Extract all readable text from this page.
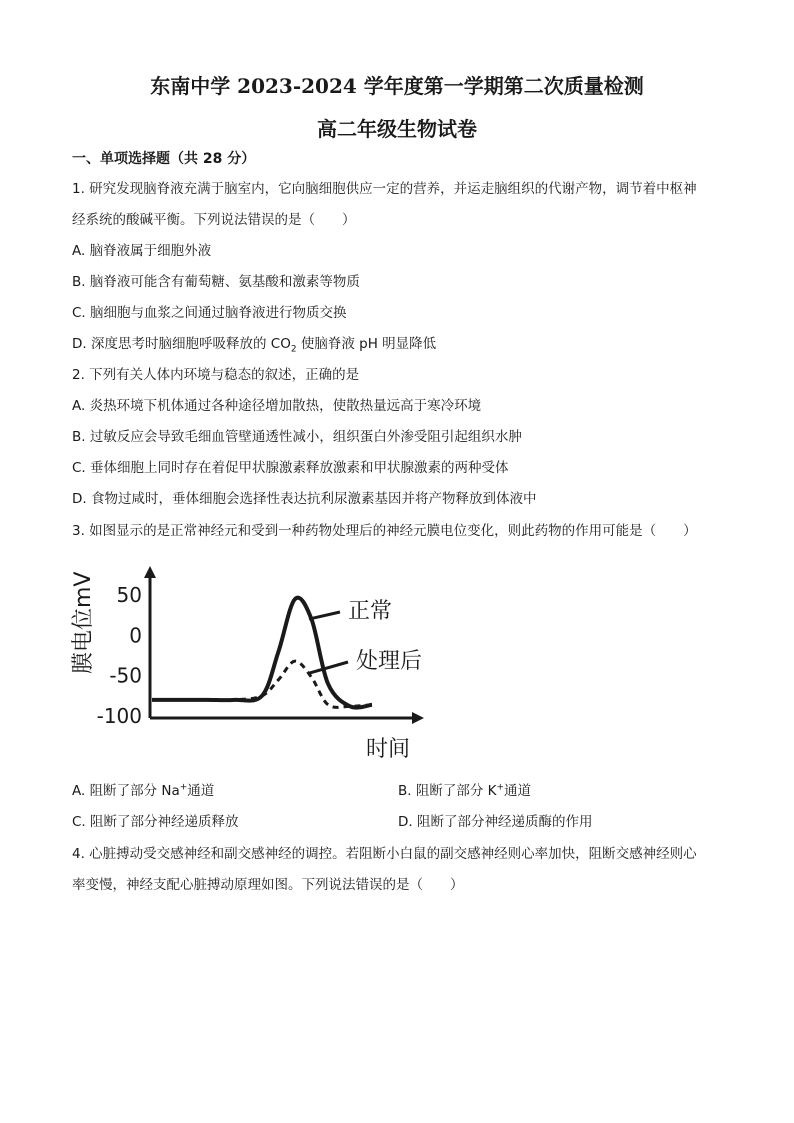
东南中学 2023-2024 学年度第一学期第二次质量检测
高二年级生物试卷
一、单项选择题（共 28 分）
1. 研究发现脑脊液充满于脑室内，它向脑细胞供应一定的营养，并运走脑组织的代谢产物，调节着中枢神
经系统的酸碱平衡。下列说法错误的是（　　）
A. 脑脊液属于细胞外液
B. 脑脊液可能含有葡萄糖、氨基酸和激素等物质
C. 脑细胞与血浆之间通过脑脊液进行物质交换
D. 深度思考时脑细胞呼吸释放的 $CO_2$ 使脑脊液 pH 明显降低
2. 下列有关人体内环境与稳态的叙述，正确的是
A. 炎热环境下机体通过各种途径增加散热，使散热量远高于寒冷环境
B. 过敏反应会导致毛细血管壁通透性减小，组织蛋白外渗受阻引起组织水肿
C. 垂体细胞上同时存在着促甲状腺激素释放激素和甲状腺激素的两种受体
D. 食物过咸时，垂体细胞会选择性表达抗利尿激素基因并将产物释放到体液中
3. 如图显示的是正常神经元和受到一种药物处理后的神经元膜电位变化，则此药物的作用可能是（　　）
50
0
-50
-100
正常
处理后
膜电位mV
时间
A. 阻断了部分 Na+通道	B. 阻断了部分 K+通道
C. 阻断了部分神经递质释放	D. 阻断了部分神经递质酶的作用
4. 心脏搏动受交感神经和副交感神经的调控。若阻断小白鼠的副交感神经则心率加快，阻断交感神经则心
率变慢，神经支配心脏搏动原理如图。下列说法错误的是（　　）
